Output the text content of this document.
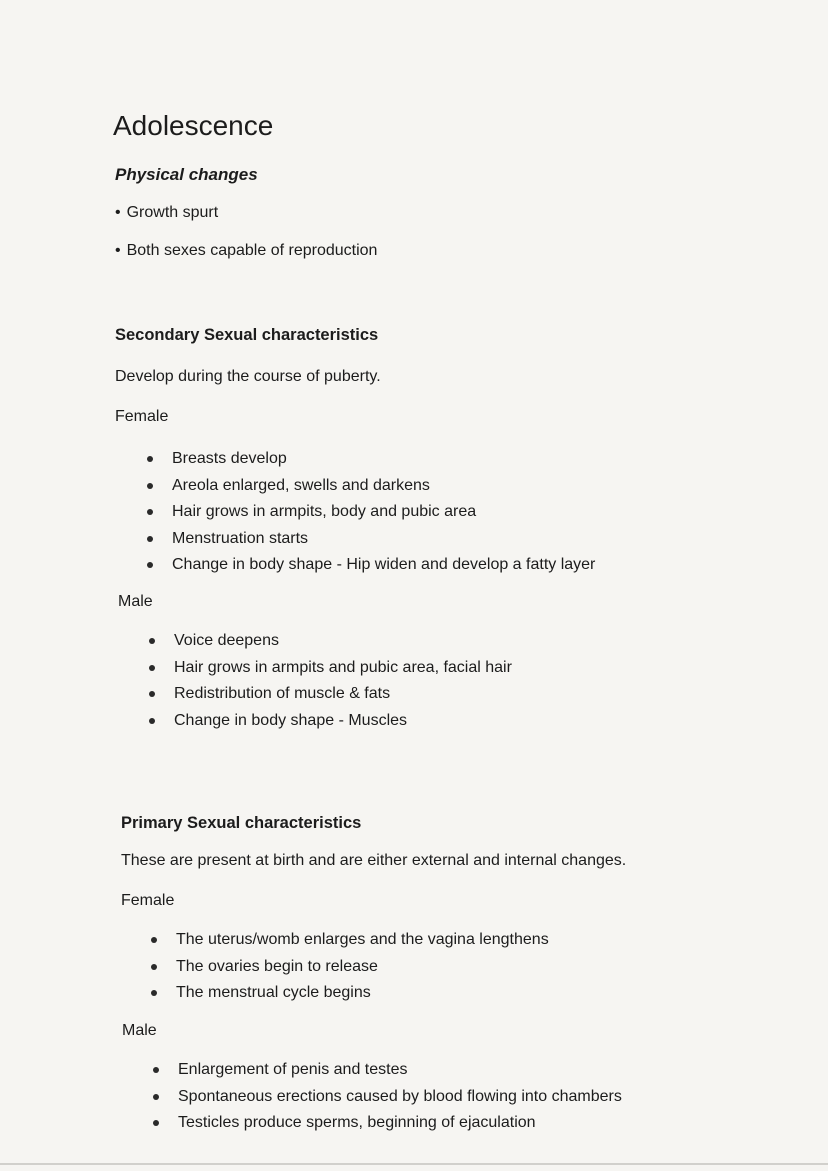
Adolescence
Physical changes
• Growth spurt
• Both sexes capable of reproduction
Secondary Sexual characteristics

Develop during the course of puberty.

Female

Breasts develop
Areola enlarged, swells and darkens
Hair grows in armpits, body and pubic area
Menstruation starts
Change in body shape - Hip widen and develop a fatty layer

Male

Voice deepens
Hair grows in armpits and pubic area, facial hair
Redistribution of muscle & fats
Change in body shape - Muscles
Primary Sexual characteristics

These are present at birth and are either external and internal changes.

Female

The uterus/womb enlarges and the vagina lengthens
The ovaries begin to release
The menstrual cycle begins

Male

Enlargement of penis and testes
Spontaneous erections caused by blood flowing into chambers
Testicles produce sperms, beginning of ejaculation
